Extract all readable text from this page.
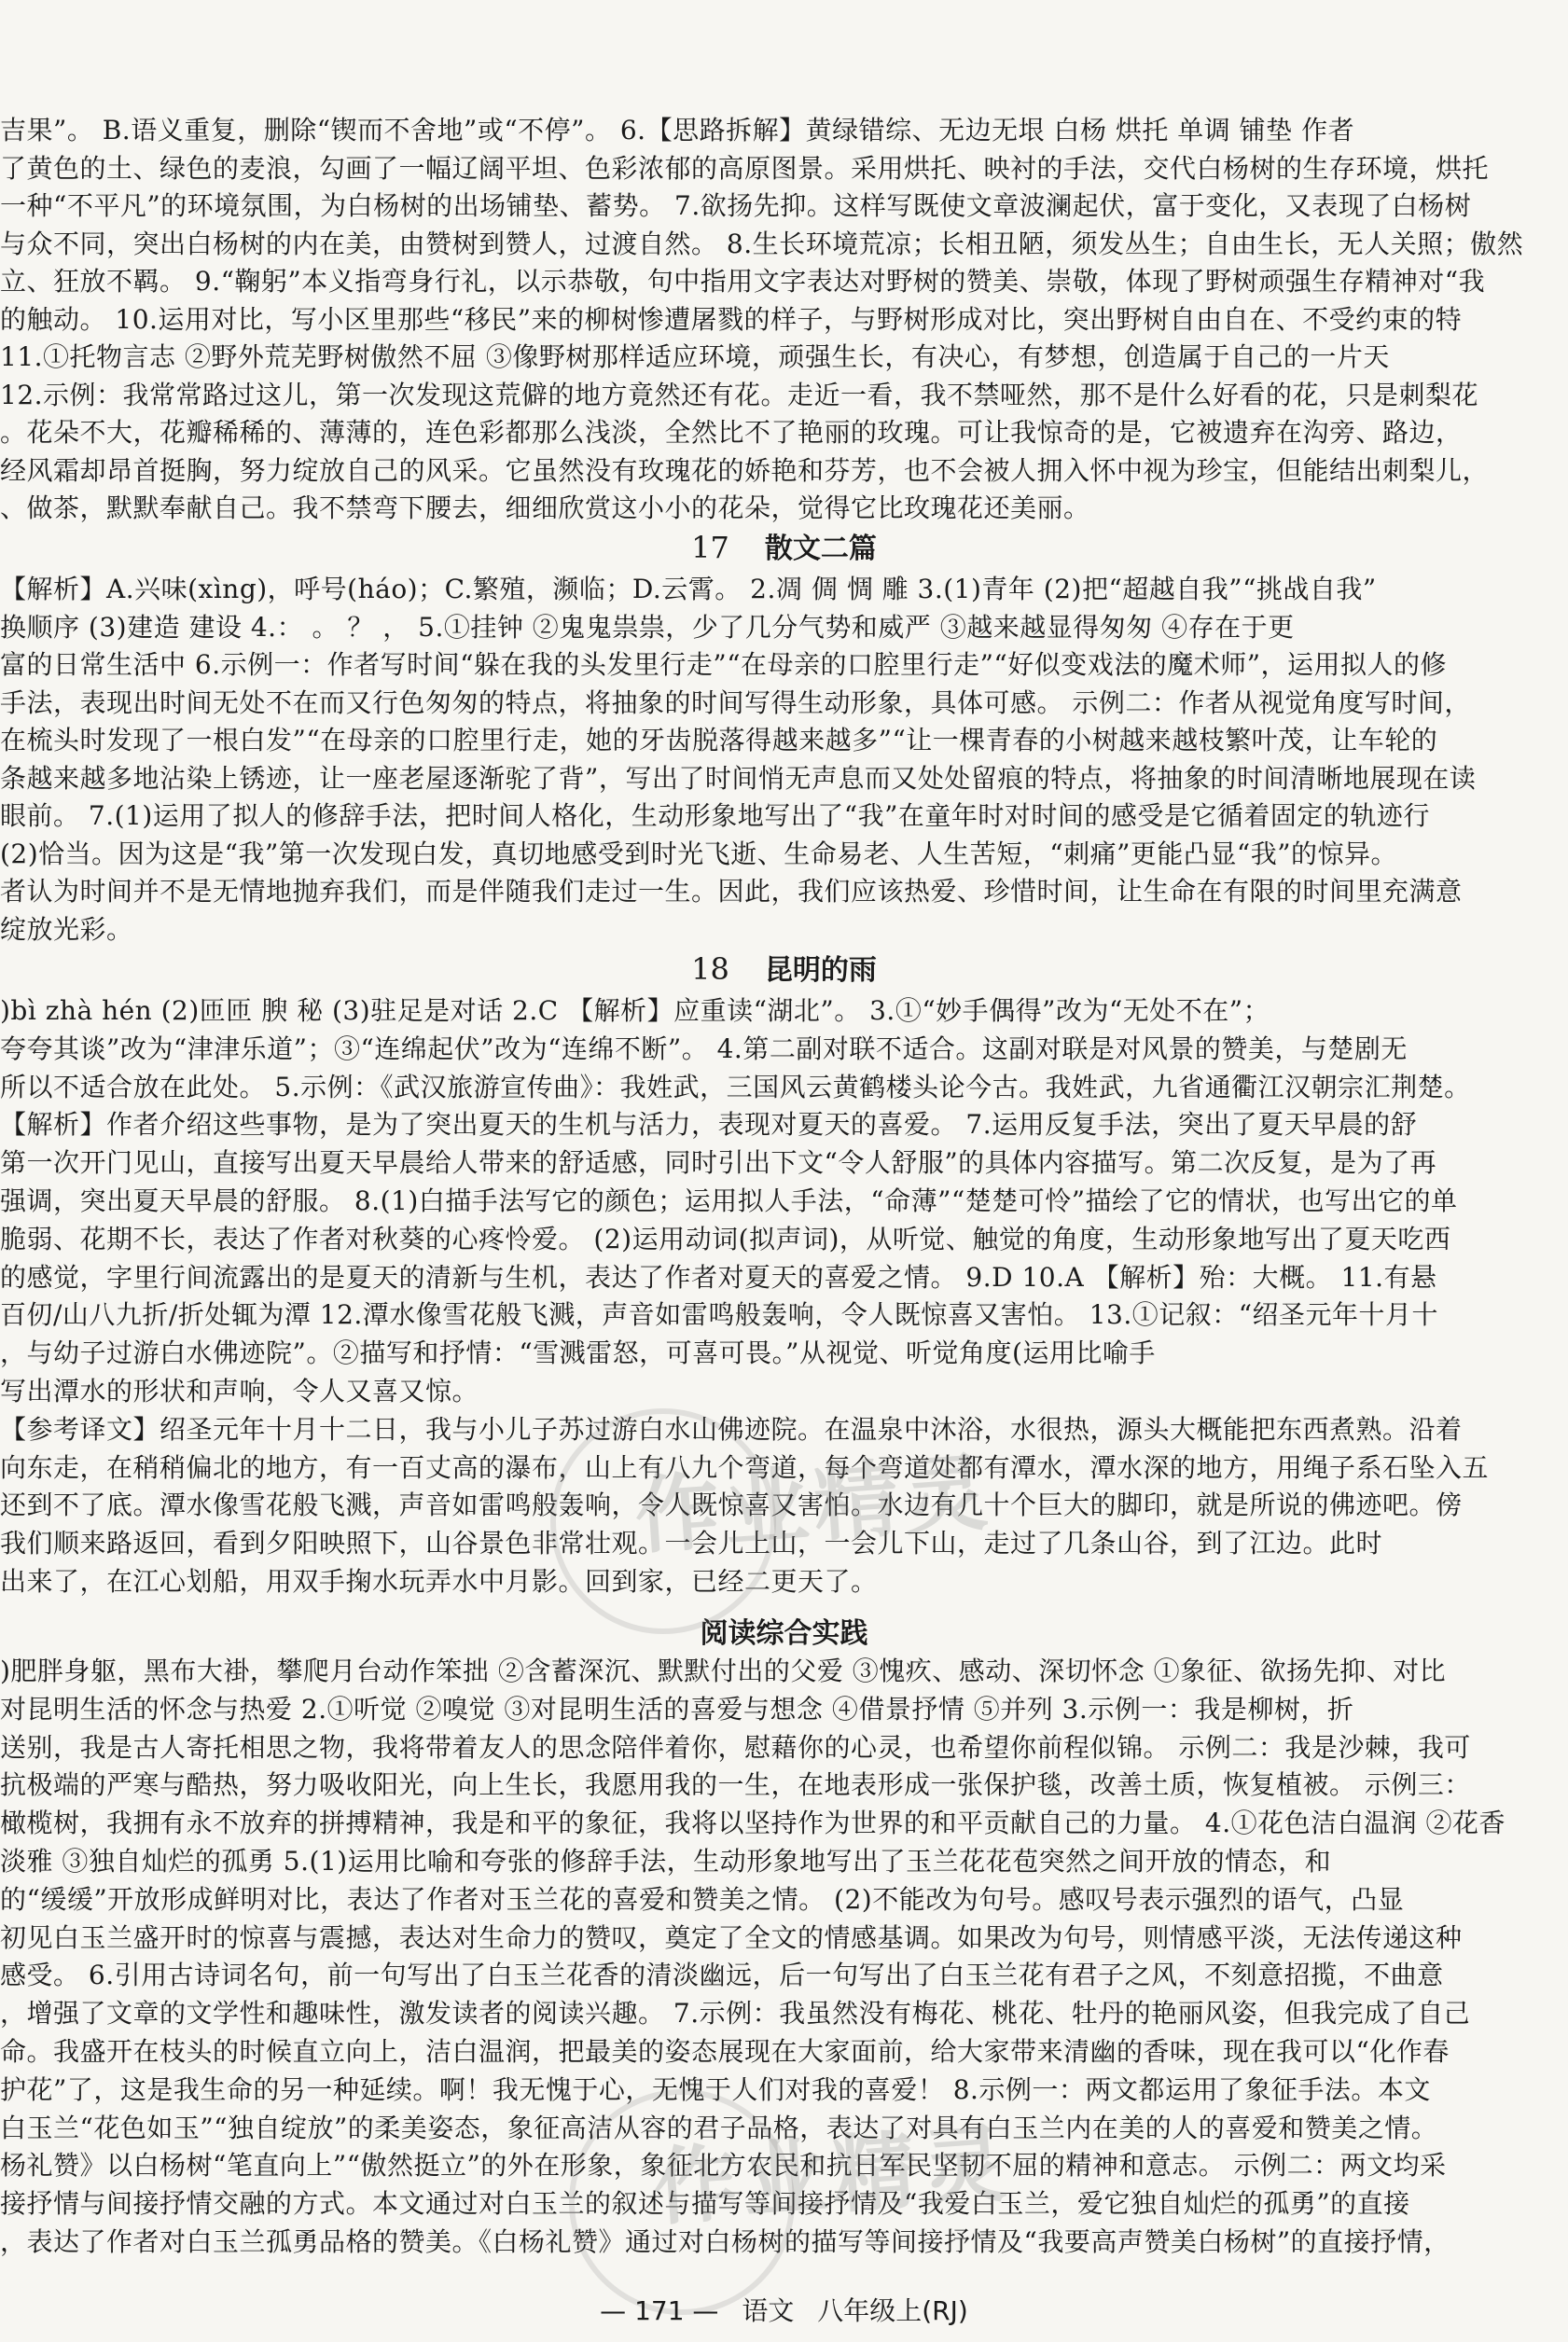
吉果”。 B.语义重复，删除“锲而不舍地”或“不停”。 6.【思路拆解】黄绿错综、无边无垠 白杨 烘托 单调 铺垫 作者
了黄色的土、绿色的麦浪，勾画了一幅辽阔平坦、色彩浓郁的高原图景。采用烘托、映衬的手法，交代白杨树的生存环境，烘托
一种“不平凡”的环境氛围，为白杨树的出场铺垫、蓄势。 7.欲扬先抑。这样写既使文章波澜起伏，富于变化，又表现了白杨树
与众不同，突出白杨树的内在美，由赞树到赞人，过渡自然。 8.生长环境荒凉；长相丑陋，须发丛生；自由生长，无人关照；傲然
立、狂放不羁。 9.“鞠躬”本义指弯身行礼，以示恭敬，句中指用文字表达对野树的赞美、崇敬，体现了野树顽强生存精神对“我
的触动。 10.运用对比，写小区里那些“移民”来的柳树惨遭屠戮的样子，与野树形成对比，突出野树自由自在、不受约束的特
11.①托物言志 ②野外荒芜野树傲然不屈 ③像野树那样适应环境，顽强生长，有决心，有梦想，创造属于自己的一片天
12.示例：我常常路过这儿，第一次发现这荒僻的地方竟然还有花。走近一看，我不禁哑然，那不是什么好看的花，只是刺梨花
。花朵不大，花瓣稀稀的、薄薄的，连色彩都那么浅淡，全然比不了艳丽的玫瑰。可让我惊奇的是，它被遗弃在沟旁、路边，
经风霜却昂首挺胸，努力绽放自己的风采。它虽然没有玫瑰花的娇艳和芬芳，也不会被人拥入怀中视为珍宝，但能结出刺梨儿，
、做茶，默默奉献自己。我不禁弯下腰去，细细欣赏这小小的花朵，觉得它比玫瑰花还美丽。
17 散文二篇
【解析】A.兴味(xìng)，呼号(háo)；C.繁殖，濒临；D.云霄。 2.凋 倜 惆 雕 3.(1)青年 (2)把“超越自我”“挑战自我”
换顺序 (3)建造 建设 4.： 。 ？ ， 5.①挂钟 ②鬼鬼祟祟，少了几分气势和威严 ③越来越显得匆匆 ④存在于更
富的日常生活中 6.示例一：作者写时间“躲在我的头发里行走”“在母亲的口腔里行走”“好似变戏法的魔术师”，运用拟人的修
手法，表现出时间无处不在而又行色匆匆的特点，将抽象的时间写得生动形象，具体可感。 示例二：作者从视觉角度写时间，
在梳头时发现了一根白发”“在母亲的口腔里行走，她的牙齿脱落得越来越多”“让一棵青春的小树越来越枝繁叶茂，让车轮的
条越来越多地沾染上锈迹，让一座老屋逐渐驼了背”，写出了时间悄无声息而又处处留痕的特点，将抽象的时间清晰地展现在读
眼前。 7.(1)运用了拟人的修辞手法，把时间人格化，生动形象地写出了“我”在童年时对时间的感受是它循着固定的轨迹行
(2)恰当。因为这是“我”第一次发现白发，真切地感受到时光飞逝、生命易老、人生苦短，“刺痛”更能凸显“我”的惊异。
者认为时间并不是无情地抛弃我们，而是伴随我们走过一生。因此，我们应该热爱、珍惜时间，让生命在有限的时间里充满意
绽放光彩。
18 昆明的雨
)bì zhà hén (2)匝匝 腴 秘 (3)驻足是对话 2.C 【解析】应重读“湖北”。 3.①“妙手偶得”改为“无处不在”；
夸夸其谈”改为“津津乐道”；③“连绵起伏”改为“连绵不断”。 4.第二副对联不适合。这副对联是对风景的赞美，与楚剧无
所以不适合放在此处。 5.示例：《武汉旅游宣传曲》：我姓武，三国风云黄鹤楼头论今古。我姓武，九省通衢江汉朝宗汇荆楚。
【解析】作者介绍这些事物，是为了突出夏天的生机与活力，表现对夏天的喜爱。 7.运用反复手法，突出了夏天早晨的舒
第一次开门见山，直接写出夏天早晨给人带来的舒适感，同时引出下文“令人舒服”的具体内容描写。第二次反复，是为了再
强调，突出夏天早晨的舒服。 8.(1)白描手法写它的颜色；运用拟人手法，“命薄”“楚楚可怜”描绘了它的情状，也写出它的单
脆弱、花期不长，表达了作者对秋葵的心疼怜爱。 (2)运用动词(拟声词)，从听觉、触觉的角度，生动形象地写出了夏天吃西
的感觉，字里行间流露出的是夏天的清新与生机，表达了作者对夏天的喜爱之情。 9.D 10.A 【解析】殆：大概。 11.有悬
百仞/山八九折/折处辄为潭 12.潭水像雪花般飞溅，声音如雷鸣般轰响，令人既惊喜又害怕。 13.①记叙：“绍圣元年十月十
，与幼子过游白水佛迹院”。②描写和抒情：“雪溅雷怒，可喜可畏。”从视觉、听觉角度(运用比喻手
写出潭水的形状和声响，令人又喜又惊。
【参考译文】绍圣元年十月十二日，我与小儿子苏过游白水山佛迹院。在温泉中沐浴，水很热，源头大概能把东西煮熟。沿着
向东走，在稍稍偏北的地方，有一百丈高的瀑布，山上有八九个弯道，每个弯道处都有潭水，潭水深的地方，用绳子系石坠入五
还到不了底。潭水像雪花般飞溅，声音如雷鸣般轰响，令人既惊喜又害怕。水边有几十个巨大的脚印，就是所说的佛迹吧。傍
我们顺来路返回，看到夕阳映照下，山谷景色非常壮观。一会儿上山，一会儿下山，走过了几条山谷，到了江边。此时
出来了，在江心划船，用双手掬水玩弄水中月影。回到家，已经二更天了。
阅读综合实践
)肥胖身躯，黑布大褂，攀爬月台动作笨拙 ②含蓄深沉、默默付出的父爱 ③愧疚、感动、深切怀念 ①象征、欲扬先抑、对比
对昆明生活的怀念与热爱 2.①听觉 ②嗅觉 ③对昆明生活的喜爱与想念 ④借景抒情 ⑤并列 3.示例一：我是柳树，折
送别，我是古人寄托相思之物，我将带着友人的思念陪伴着你，慰藉你的心灵，也希望你前程似锦。 示例二：我是沙棘，我可
抗极端的严寒与酷热，努力吸收阳光，向上生长，我愿用我的一生，在地表形成一张保护毯，改善土质，恢复植被。 示例三：
橄榄树，我拥有永不放弃的拼搏精神，我是和平的象征，我将以坚持作为世界的和平贡献自己的力量。 4.①花色洁白温润 ②花香
淡雅 ③独自灿烂的孤勇 5.(1)运用比喻和夸张的修辞手法，生动形象地写出了玉兰花花苞突然之间开放的情态，和
的“缓缓”开放形成鲜明对比，表达了作者对玉兰花的喜爱和赞美之情。 (2)不能改为句号。感叹号表示强烈的语气，凸显
初见白玉兰盛开时的惊喜与震撼，表达对生命力的赞叹，奠定了全文的情感基调。如果改为句号，则情感平淡，无法传递这种
感受。 6.引用古诗词名句，前一句写出了白玉兰花香的清淡幽远，后一句写出了白玉兰花有君子之风，不刻意招揽，不曲意
，增强了文章的文学性和趣味性，激发读者的阅读兴趣。 7.示例：我虽然没有梅花、桃花、牡丹的艳丽风姿，但我完成了自己
命。我盛开在枝头的时候直立向上，洁白温润，把最美的姿态展现在大家面前，给大家带来清幽的香味，现在我可以“化作春
护花”了，这是我生命的另一种延续。啊！我无愧于心，无愧于人们对我的喜爱！ 8.示例一：两文都运用了象征手法。本文
白玉兰“花色如玉”“独自绽放”的柔美姿态，象征高洁从容的君子品格，表达了对具有白玉兰内在美的人的喜爱和赞美之情。
杨礼赞》以白杨树“笔直向上”“傲然挺立”的外在形象，象征北方农民和抗日军民坚韧不屈的精神和意志。 示例二：两文均采
接抒情与间接抒情交融的方式。本文通过对白玉兰的叙述与描写等间接抒情及“我爱白玉兰，爱它独自灿烂的孤勇”的直接
，表达了作者对白玉兰孤勇品格的赞美。《白杨礼赞》通过对白杨树的描写等间接抒情及“我要高声赞美白杨树”的直接抒情，
作业精灵
作业精灵
— 171 — 语文 八年级上(RJ)
